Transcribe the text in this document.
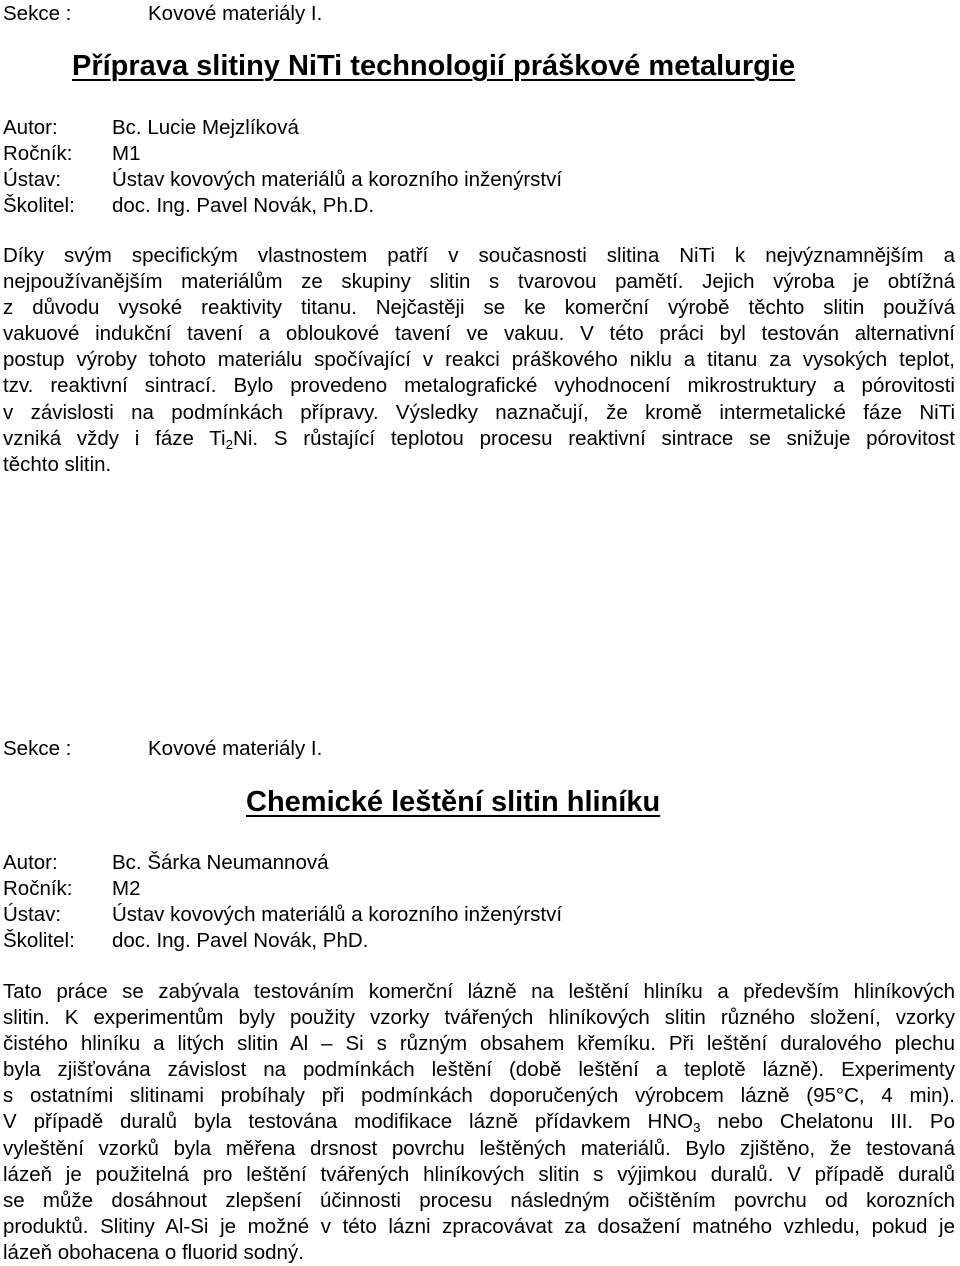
Sekce :	Kovové materiály I.
Příprava slitiny NiTi technologií práškové metalurgie
Autor:	Bc. Lucie Mejzlíková
Ročník: M1
Ústav: Ústav kovových materiálů a korozního inženýrství
Školitel: doc. Ing. Pavel Novák, Ph.D.
Díky svým specifickým vlastnostem patří v současnosti slitina NiTi k nejvýznamnějším a
nejpoužívanějším materiálům ze skupiny slitin s tvarovou pamětí. Jejich výroba je obtížná
z důvodu vysoké reaktivity titanu. Nejčastěji se ke komerční výrobě těchto slitin používá
vakuové indukční tavení a obloukové tavení ve vakuu. V této práci byl testován alternativní
postup výroby tohoto materiálu spočívající v reakci práškového niklu a titanu za vysokých teplot,
tzv. reaktivní sintrací. Bylo provedeno metalografické vyhodnocení mikrostruktury a pórovitosti
v závislosti na podmínkách přípravy. Výsledky naznačují, že kromě intermetalické fáze NiTi
vzniká vždy i fáze $Ti_2Ni$. S růstající teplotou procesu reaktivní sintrace se snižuje pórovitost
těchto slitin.
Sekce :	Kovové materiály I.
Chemické leštění slitin hliníku
Autor:	Bc. Šárka Neumannová
Ročník: M2
Ústav: Ústav kovových materiálů a korozního inženýrství
Školitel: doc. Ing. Pavel Novák, PhD.
Tato práce se zabývala testováním komerční lázně na leštění hliníku a především hliníkových
slitin. K experimentům byly použity vzorky tvářených hliníkových slitin různého složení, vzorky
čistého hliníku a litých slitin Al – Si s různým obsahem křemíku. Při leštění duralového plechu
byla zjišťována závislost na podmínkách leštění (době leštění a teplotě lázně). Experimenty
s ostatními slitinami probíhaly při podmínkách doporučených výrobcem lázně (95°C, 4 min).
V případě duralů byla testována modifikace lázně přídavkem $HNO_3$ nebo Chelatonu III. Po
vyleštění vzorků byla měřena drsnost povrchu leštěných materiálů. Bylo zjištěno, že testovaná
lázeň je použitelná pro leštění tvářených hliníkových slitin s výjimkou duralů. V případě duralů
se může dosáhnout zlepšení účinnosti procesu následným očištěním povrchu od korozních
produktů. Slitiny Al-Si je možné v této lázni zpracovávat za dosažení matného vzhledu, pokud je
lázeň obohacena o fluorid sodný.
